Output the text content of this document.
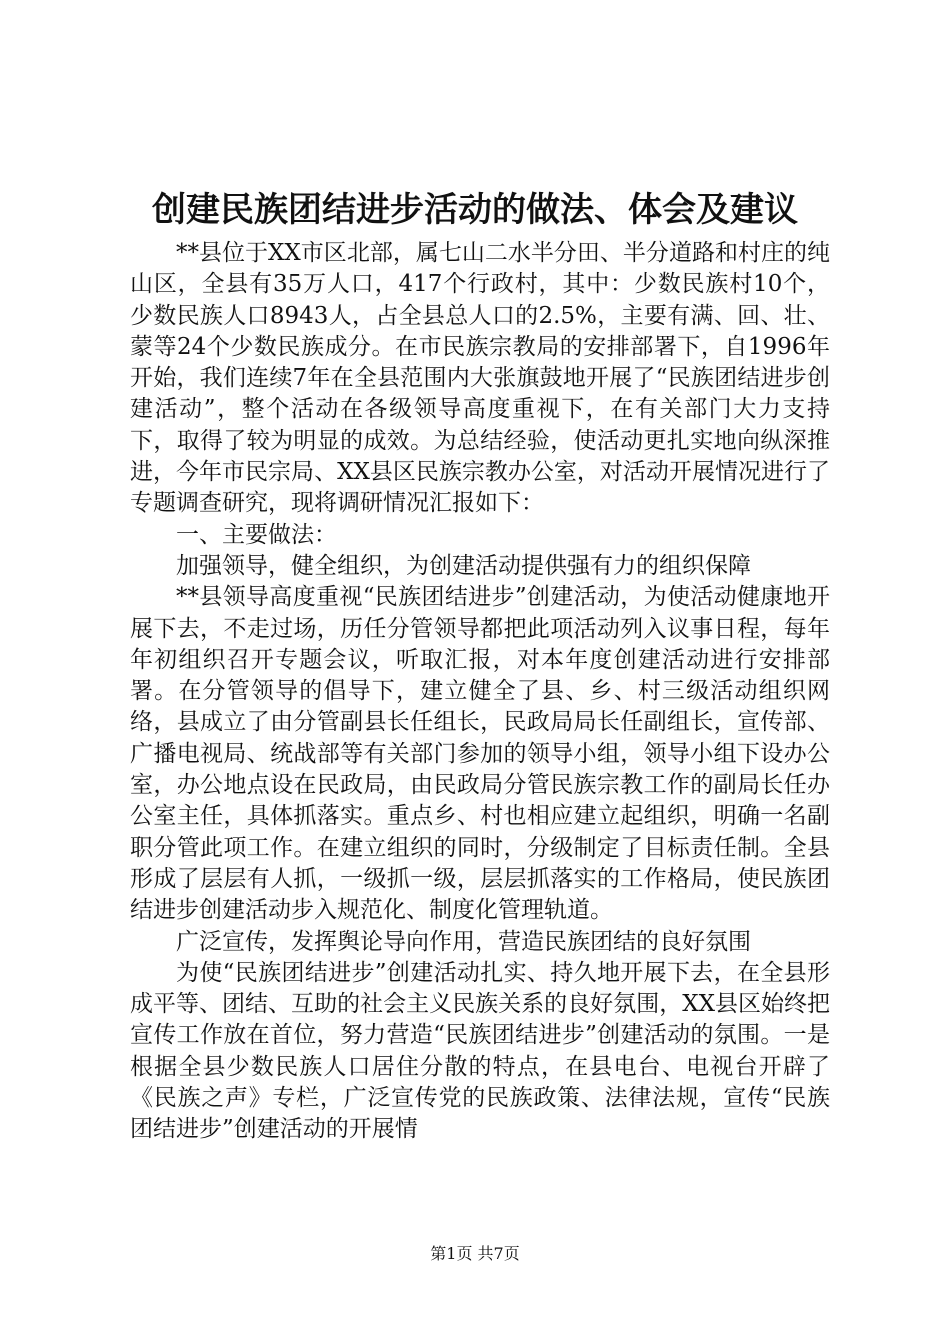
创建民族团结进步活动的做法、体会及建议

**县位于XX市区北部，属七山二水半分田、半分道路和村庄的纯山区，全县有35万人口，417个行政村，其中：少数民族村10个，少数民族人口8943人，占全县总人口的2.5%，主要有满、回、壮、蒙等24个少数民族成分。在市民族宗教局的安排部署下，自1996年开始，我们连续7年在全县范围内大张旗鼓地开展了“民族团结进步创建活动”，整个活动在各级领导高度重视下，在有关部门大力支持下，取得了较为明显的成效。为总结经验，使活动更扎实地向纵深推进，今年市民宗局、XX县区民族宗教办公室，对活动开展情况进行了专题调查研究，现将调研情况汇报如下：

一、主要做法：

加强领导，健全组织，为创建活动提供强有力的组织保障

**县领导高度重视“民族团结进步”创建活动，为使活动健康地开展下去，不走过场，历任分管领导都把此项活动列入议事日程，每年年初组织召开专题会议，听取汇报，对本年度创建活动进行安排部署。在分管领导的倡导下，建立健全了县、乡、村三级活动组织网络，县成立了由分管副县长任组长，民政局局长任副组长，宣传部、广播电视局、统战部等有关部门参加的领导小组，领导小组下设办公室，办公地点设在民政局，由民政局分管民族宗教工作的副局长任办公室主任，具体抓落实。重点乡、村也相应建立起组织，明确一名副职分管此项工作。在建立组织的同时，分级制定了目标责任制。全县形成了层层有人抓，一级抓一级，层层抓落实的工作格局，使民族团结进步创建活动步入规范化、制度化管理轨道。

广泛宣传，发挥舆论导向作用，营造民族团结的良好氛围

为使“民族团结进步”创建活动扎实、持久地开展下去，在全县形成平等、团结、互助的社会主义民族关系的良好氛围，XX县区始终把宣传工作放在首位，努力营造“民族团结进步”创建活动的氛围。一是根据全县少数民族人口居住分散的特点，在县电台、电视台开辟了《民族之声》专栏，广泛宣传党的民族政策、法律法规，宣传“民族团结进步”创建活动的开展情

第1页 共7页
